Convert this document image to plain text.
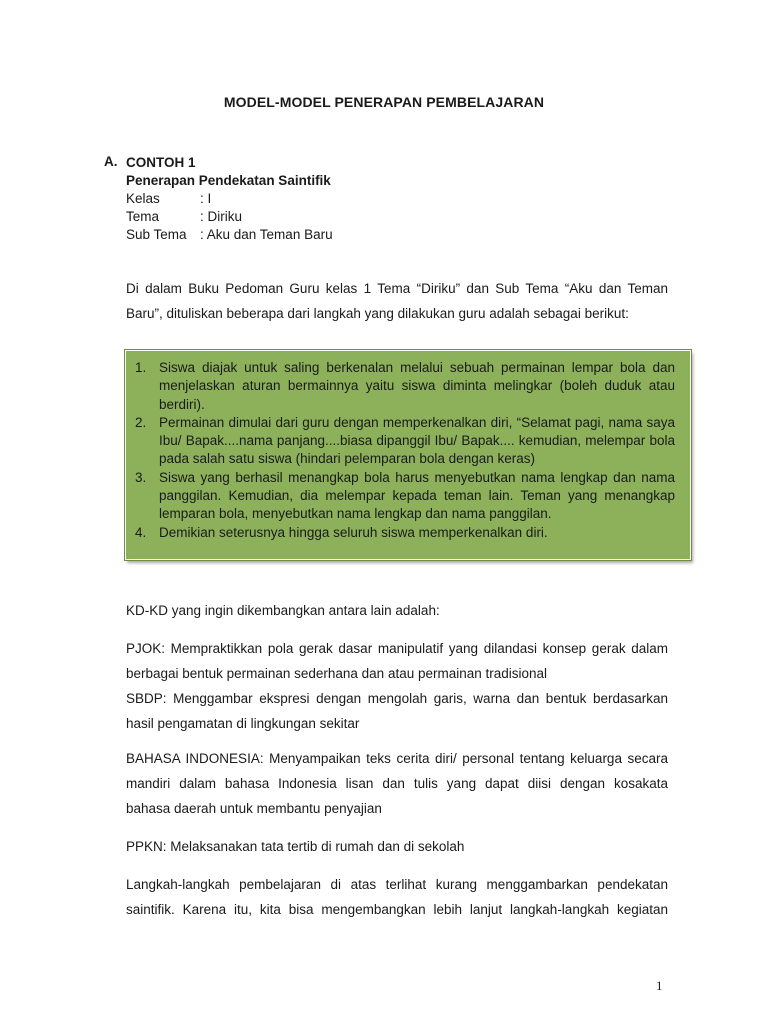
MODEL-MODEL PENERAPAN PEMBELAJARAN
A. CONTOH 1
Penerapan Pendekatan Saintifik
Kelas	: I
Tema	: Diriku
Sub Tema : Aku dan Teman Baru
Di dalam Buku Pedoman Guru kelas 1 Tema “Diriku” dan Sub Tema “Aku dan Teman
Baru”, dituliskan beberapa dari langkah yang dilakukan guru adalah sebagai berikut:
1. Siswa diajak untuk saling berkenalan melalui sebuah permainan lempar bola dan menjelaskan aturan bermainnya yaitu siswa diminta melingkar (boleh duduk atau berdiri).
2. Permainan dimulai dari guru dengan memperkenalkan diri, “Selamat pagi, nama saya Ibu/ Bapak....nama panjang....biasa dipanggil Ibu/ Bapak.... kemudian, melempar bola pada salah satu siswa (hindari pelemparan bola dengan keras)
3. Siswa yang berhasil menangkap bola harus menyebutkan nama lengkap dan nama panggilan. Kemudian, dia melempar kepada teman lain. Teman yang menangkap lemparan bola, menyebutkan nama lengkap dan nama panggilan.
4. Demikian seterusnya hingga seluruh siswa memperkenalkan diri.
KD-KD yang ingin dikembangkan antara lain adalah:
PJOK: Mempraktikkan pola gerak dasar manipulatif yang dilandasi konsep gerak dalam
berbagai bentuk permainan sederhana dan atau permainan tradisional
SBDP: Menggambar ekspresi dengan mengolah garis, warna dan bentuk berdasarkan
hasil pengamatan di lingkungan sekitar
BAHASA INDONESIA: Menyampaikan teks cerita diri/ personal tentang keluarga secara
mandiri dalam bahasa Indonesia lisan dan tulis yang dapat diisi dengan kosakata
bahasa daerah untuk membantu penyajian
PPKN: Melaksanakan tata tertib di rumah dan di sekolah
Langkah-langkah pembelajaran di atas terlihat kurang menggambarkan pendekatan
saintifik. Karena itu, kita bisa mengembangkan lebih lanjut langkah-langkah kegiatan
1
